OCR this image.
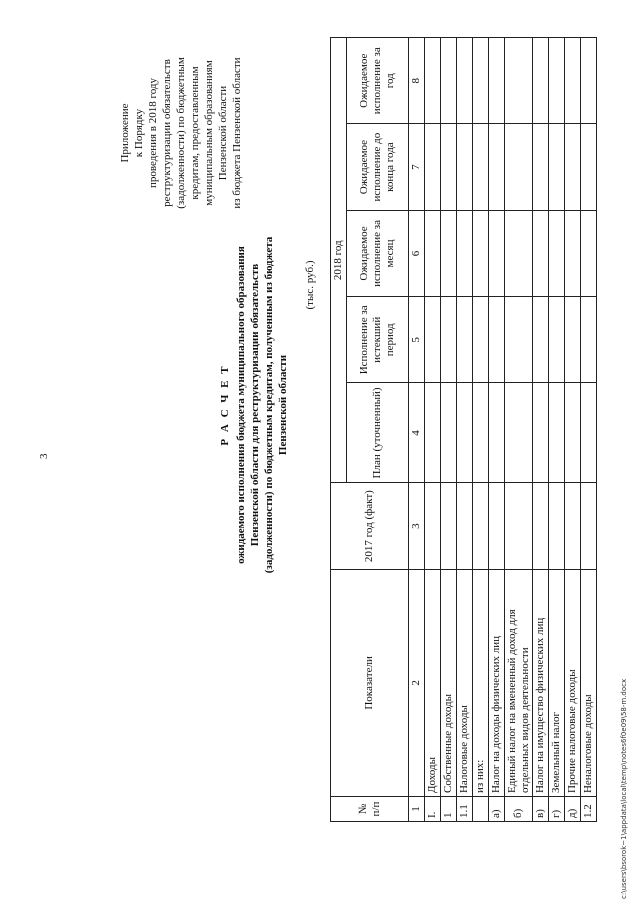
3
Приложение к Порядку проведения в 2018 году реструктуризации обязательств (задолженности) по бюджетным кредитам, предоставленным муниципальным образованиям Пензенской области из бюджета Пензенской области
Р А С Ч Е Т ожидаемого исполнения бюджета муниципального образования Пензенской области для реструктуризации обязательств (задолженности) по бюджетным кредитам, полученным из бюджета Пензенской области
(тыс. руб.)
№ п/п	Показатели	2017 год (факт)	2018 год				
			План (уточненный)	Исполнение за истекший период	Ожидаемое исполнение за месяц	Ожидаемое исполнение до конца года	Ожидаемое исполнение за год
1	2	3	4	5	6	7	8
I.	Доходы						
1	Собственные доходы						
1.1	Налоговые доходы						
	из них:						
а)	Налог на доходы физических лиц						
б)	Единый налог на вмененный доход для отдельных видов деятельности						
в)	Налог на имущество физических лиц						
г)	Земельный налог						
д)	Прочие налоговые доходы						
1.2	Неналоговые доходы							c:\users\bsorok~1\appdata\local\temp\notes6f0e09\58-m.docx
